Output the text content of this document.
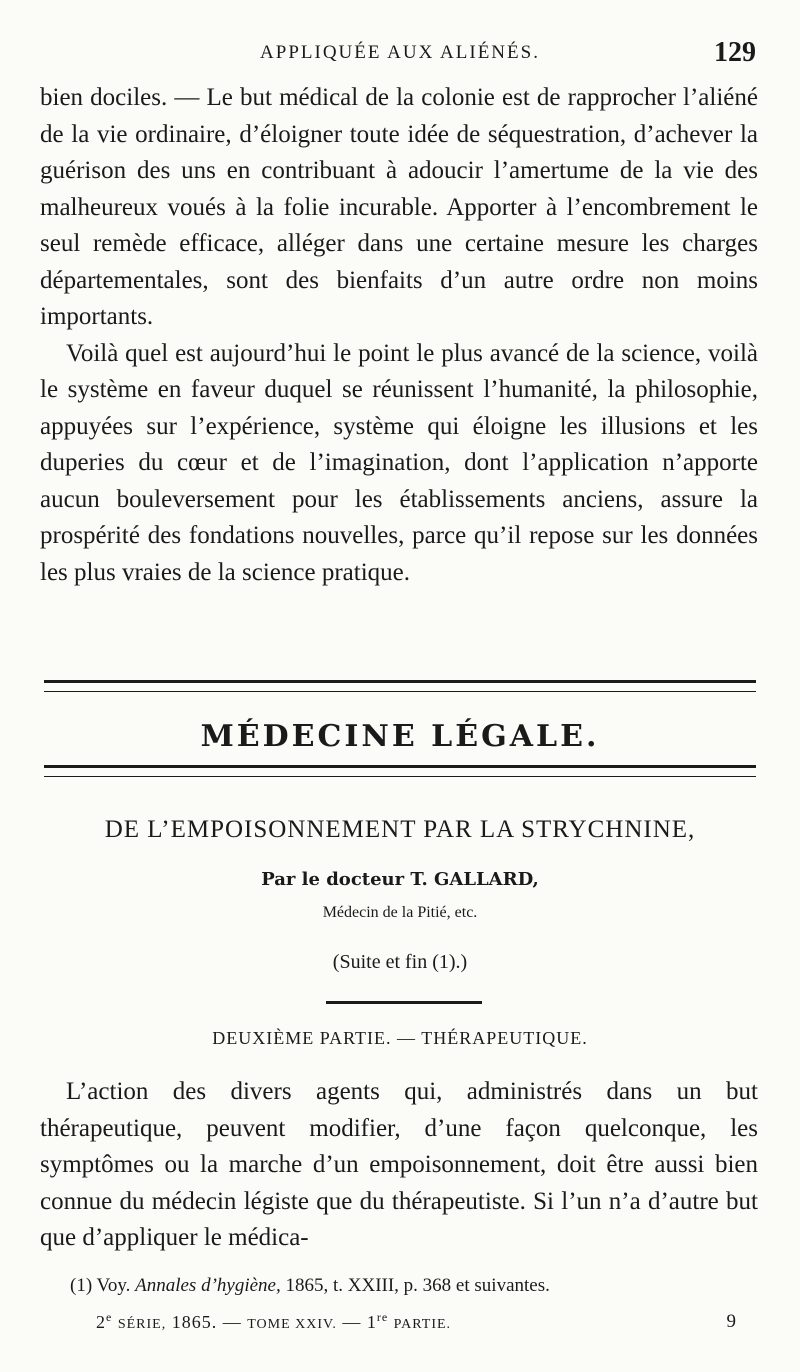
APPLIQUÉE AUX ALIÉNÉS.	129

bien dociles. — Le but médical de la colonie est de rapprocher l’aliéné de la vie ordinaire, d’éloigner toute idée de séquestration, d’achever la guérison des uns en contribuant à adoucir l’amertume de la vie des malheureux voués à la folie incurable. Apporter à l’encombrement le seul remède efficace, alléger dans une certaine mesure les charges départementales, sont des bienfaits d’un autre ordre non moins importants.

Voilà quel est aujourd’hui le point le plus avancé de la science, voilà le système en faveur duquel se réunissent l’humanité, la philosophie, appuyées sur l’expérience, système qui éloigne les illusions et les duperies du cœur et de l’imagination, dont l’application n’apporte aucun bouleversement pour les établissements anciens, assure la prospérité des fondations nouvelles, parce qu’il repose sur les données les plus vraies de la science pratique.

MÉDECINE LÉGALE.
DE L’EMPOISONNEMENT PAR LA STRYCHNINE,
Par le docteur T. GALLARD,
Médecin de la Pitié, etc.
(Suite et fin (1).)
DEUXIÈME PARTIE. — THÉRAPEUTIQUE.

L’action des divers agents qui, administrés dans un but thérapeutique, peuvent modifier, d’une façon quelconque, les symptômes ou la marche d’un empoisonnement, doit être aussi bien connue du médecin légiste que du thérapeutiste. Si l’un n’a d’autre but que d’appliquer le médica-

(1) Voy. Annales d’hygiène, 1865, t. XXIII, p. 368 et suivantes.
2e SÉRIE, 1865. — TOME XXIV. — 1re PARTIE.	9
